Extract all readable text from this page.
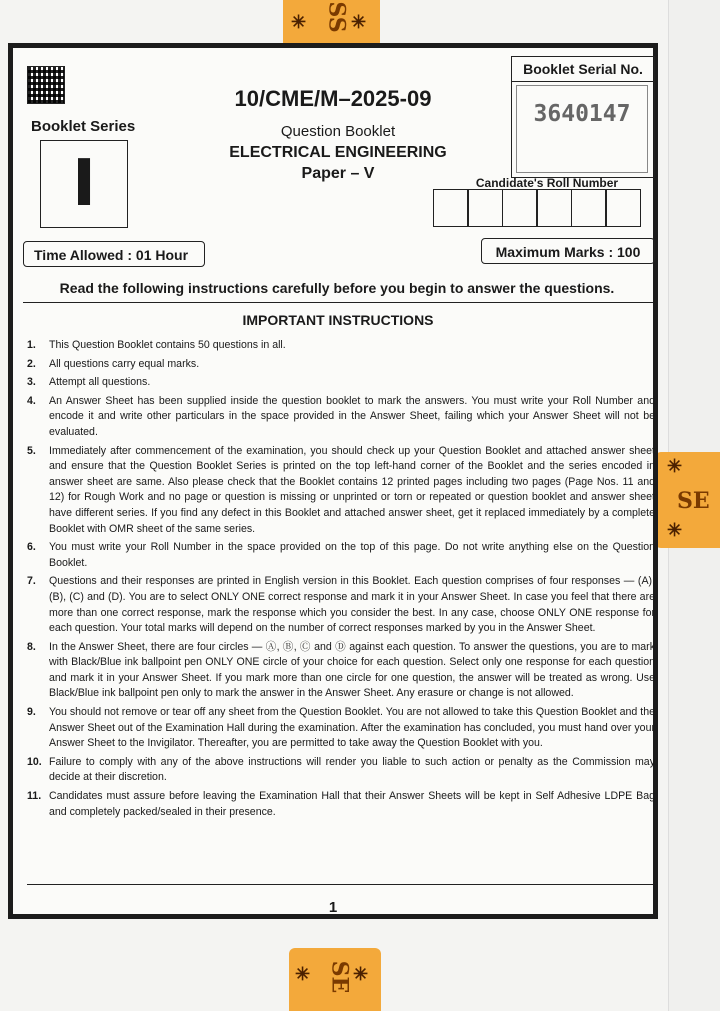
✳ SS ✳
✳
SE
✳
✳ SE ✳
10/CME/M–2025-09
Booklet Series
I
Question Booklet
ELECTRICAL ENGINEERING
Paper – V
Booklet Serial No.
3640147
Candidate's Roll Number
Time Allowed : 01 Hour	Maximum Marks : 100
Read the following instructions carefully before you begin to answer the questions.
IMPORTANT INSTRUCTIONS
1.	This Question Booklet contains 50 questions in all.
2.	All questions carry equal marks.
3.	Attempt all questions.
4.	An Answer Sheet has been supplied inside the question booklet to mark the answers. You must write your Roll Number and encode it and write other particulars in the space provided in the Answer Sheet, failing which your Answer Sheet will not be evaluated.
5.	Immediately after commencement of the examination, you should check up your Question Booklet and attached answer sheet and ensure that the Question Booklet Series is printed on the top left-hand corner of the Booklet and the series encoded in answer sheet are same. Also please check that the Booklet contains 12 printed pages including two pages (Page Nos. 11 and 12) for Rough Work and no page or question is missing or unprinted or torn or repeated or question booklet and answer sheet have different series. If you find any defect in this Booklet and attached answer sheet, get it replaced immediately by a complete Booklet with OMR sheet of the same series.
6.	You must write your Roll Number in the space provided on the top of this page. Do not write anything else on the Question Booklet.
7.	Questions and their responses are printed in English version in this Booklet. Each question comprises of four responses — (A), (B), (C) and (D). You are to select ONLY ONE correct response and mark it in your Answer Sheet. In case you feel that there are more than one correct response, mark the response which you consider the best. In any case, choose ONLY ONE response for each question. Your total marks will depend on the number of correct responses marked by you in the Answer Sheet.
8.	In the Answer Sheet, there are four circles — Ⓐ, Ⓑ, Ⓒ and Ⓓ against each question. To answer the questions, you are to mark with Black/Blue ink ballpoint pen ONLY ONE circle of your choice for each question. Select only one response for each question and mark it in your Answer Sheet. If you mark more than one circle for one question, the answer will be treated as wrong. Use Black/Blue ink ballpoint pen only to mark the answer in the Answer Sheet. Any erasure or change is not allowed.
9.	You should not remove or tear off any sheet from the Question Booklet. You are not allowed to take this Question Booklet and the Answer Sheet out of the Examination Hall during the examination. After the examination has concluded, you must hand over your Answer Sheet to the Invigilator. Thereafter, you are permitted to take away the Question Booklet with you.
10. Failure to comply with any of the above instructions will render you liable to such action or penalty as the Commission may decide at their discretion.
11. Candidates must assure before leaving the Examination Hall that their Answer Sheets will be kept in Self Adhesive LDPE Bag and completely packed/sealed in their presence.
1
